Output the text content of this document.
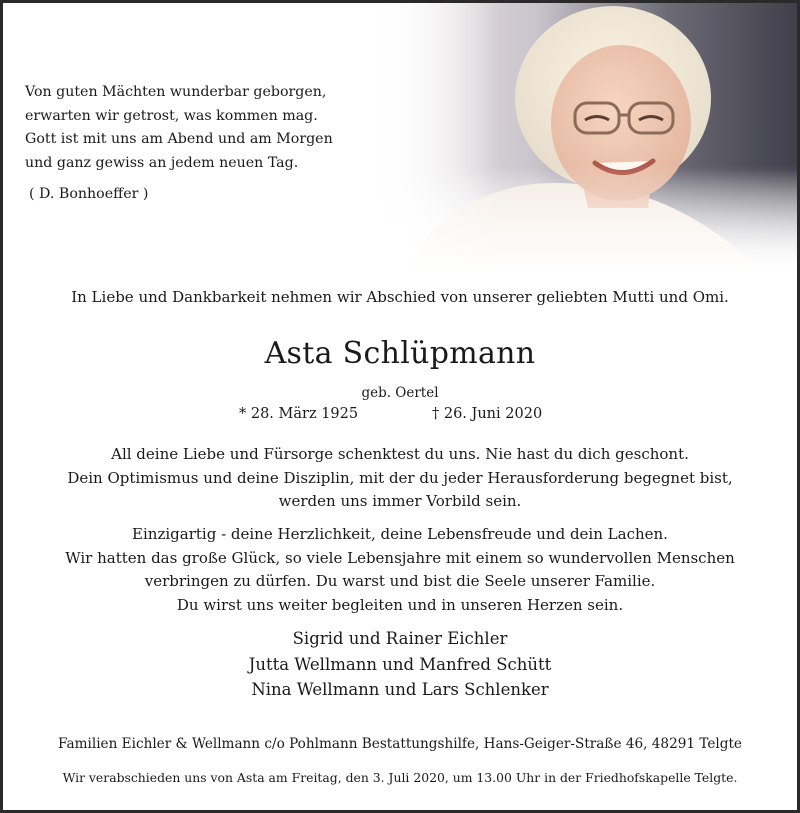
Von guten Mächten wunderbar geborgen,

erwarten wir getrost, was kommen mag.

Gott ist mit uns am Abend und am Morgen

und ganz gewiss an jedem neuen Tag.

( D. Bonhoeffer )

In Liebe und Dankbarkeit nehmen wir Abschied von unserer geliebten Mutti und Omi.
Asta Schlüpmann
geb. Oertel
* 28. März 1925	† 26. Juni 2020
All deine Liebe und Fürsorge schenktest du uns. Nie hast du dich geschont.
Dein Optimismus und deine Disziplin, mit der du jeder Herausforderung begegnet bist,
werden uns immer Vorbild sein.
Einzigartig - deine Herzlichkeit, deine Lebensfreude und dein Lachen.
Wir hatten das große Glück, so viele Lebensjahre mit einem so wundervollen Menschen
verbringen zu dürfen. Du warst und bist die Seele unserer Familie.
Du wirst uns weiter begleiten und in unseren Herzen sein.
Sigrid und Rainer Eichler
Jutta Wellmann und Manfred Schütt
Nina Wellmann und Lars Schlenker
Familien Eichler & Wellmann c/o Pohlmann Bestattungshilfe, Hans-Geiger-Straße 46, 48291 Telgte
Wir verabschieden uns von Asta am Freitag, den 3. Juli 2020, um 13.00 Uhr in der Friedhofskapelle Telgte.
